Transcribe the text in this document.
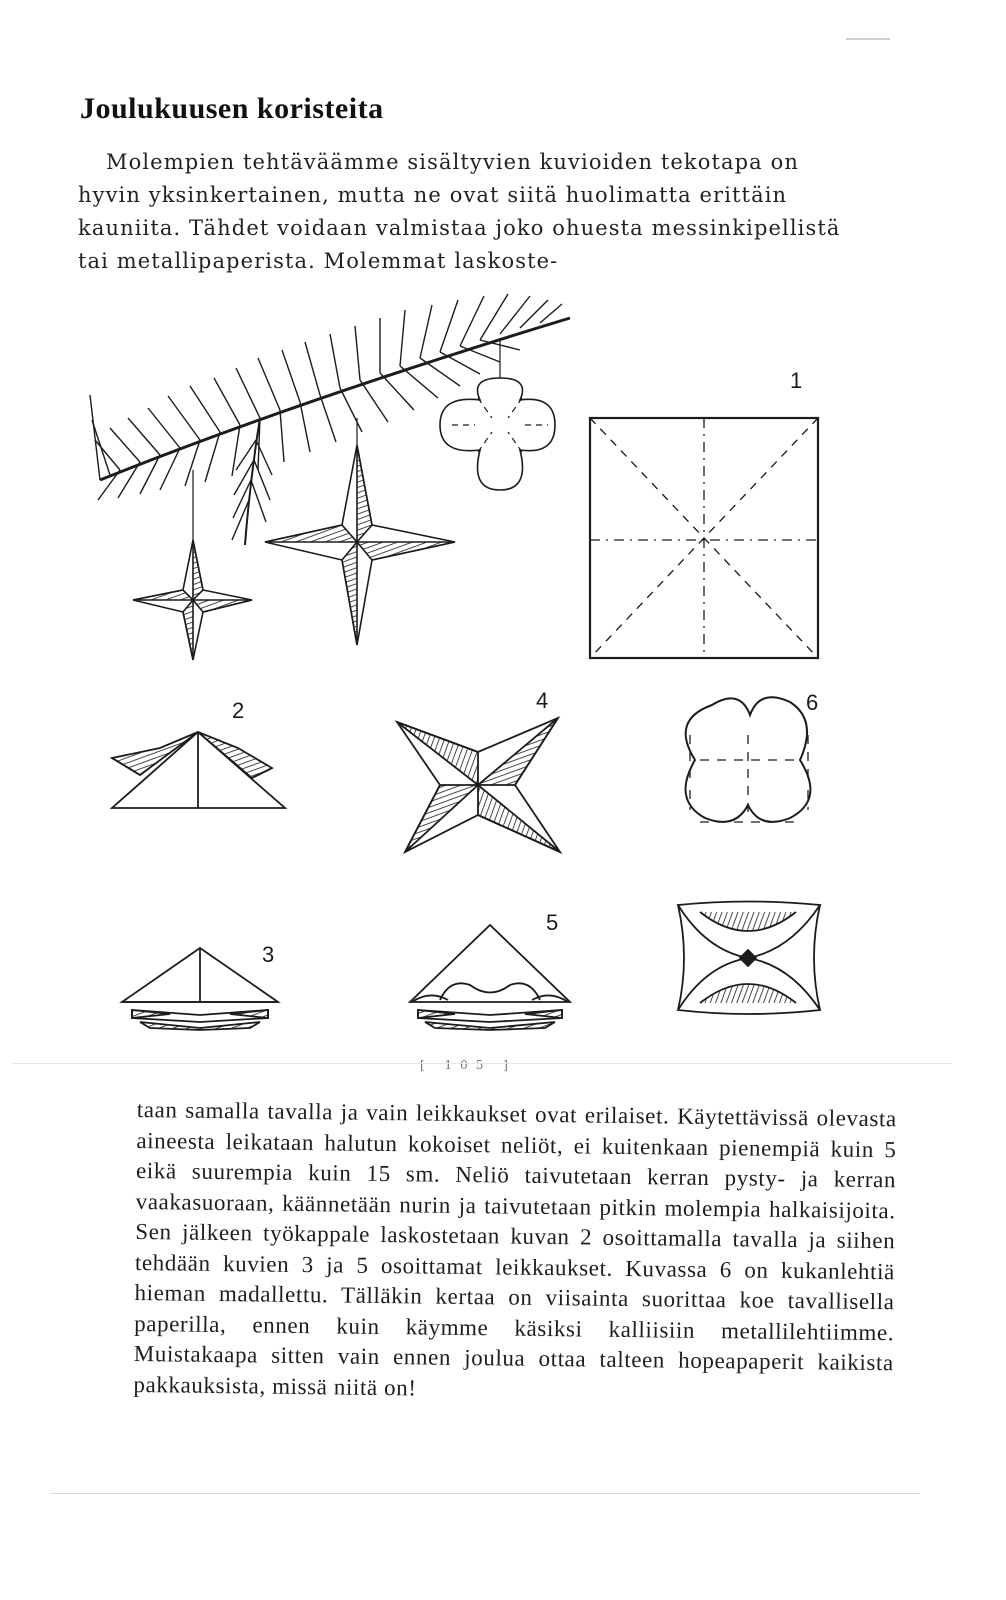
Joulukuusen koristeita

Molempien tehtäväämme sisältyvien kuvioiden tekotapa on hyvin yksinkertainen, mutta ne ovat siitä huolimatta erittäin kauniita. Tähdet voidaan valmistaa joko ohuesta messinkipellistä tai metallipaperista. Molemmat laskoste-

1
2
3
4
5
6
[ 105 ]

taan samalla tavalla ja vain leikkaukset ovat erilaiset. Käytettävissä olevasta aineesta leikataan halutun kokoiset neliöt, ei kuitenkaan pienempiä kuin 5 eikä suurempia kuin 15 sm. Neliö taivutetaan kerran pysty- ja kerran vaakasuoraan, käännetään nurin ja taivutetaan pitkin molempia halkaisijoita. Sen jälkeen työkappale laskostetaan kuvan 2 osoittamalla tavalla ja siihen tehdään kuvien 3 ja 5 osoittamat leikkaukset. Kuvassa 6 on kukanlehtiä hieman madallettu. Tälläkin kertaa on viisainta suorittaa koe tavallisella paperilla, ennen kuin käymme käsiksi kalliisiin metallilehtiimme. Muistakaapa sitten vain ennen joulua ottaa talteen hopeapaperit kaikista pakkauksista, missä niitä on!
